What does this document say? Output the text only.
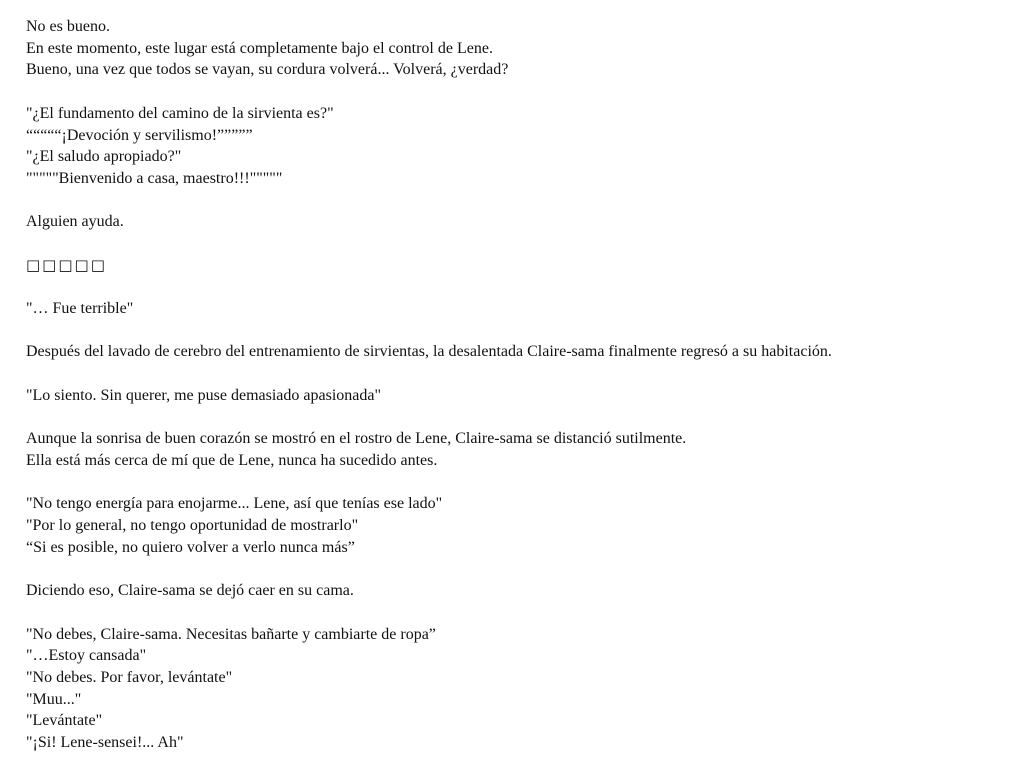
No es bueno.
En este momento, este lugar está completamente bajo el control de Lene.
Bueno, una vez que todos se vayan, su cordura volverá... Volverá, ¿verdad?
"¿El fundamento del camino de la sirvienta es?"
“““““¡Devoción y servilismo!”””””
"¿El saludo apropiado?"
"""""Bienvenido a casa, maestro!!!"""""
Alguien ayuda.
□□□□□
"… Fue terrible"
Después del lavado de cerebro del entrenamiento de sirvientas, la desalentada Claire-sama finalmente regresó a su habitación.
"Lo siento. Sin querer, me puse demasiado apasionada"
Aunque la sonrisa de buen corazón se mostró en el rostro de Lene, Claire-sama se distanció sutilmente.
Ella está más cerca de mí que de Lene, nunca ha sucedido antes.
"No tengo energía para enojarme... Lene, así que tenías ese lado"
"Por lo general, no tengo oportunidad de mostrarlo"
“Si es posible, no quiero volver a verlo nunca más”
Diciendo eso, Claire-sama se dejó caer en su cama.
"No debes, Claire-sama. Necesitas bañarte y cambiarte de ropa”
"…Estoy cansada"
"No debes. Por favor, levántate"
"Muu..."
"Levántate"
"¡Si! Lene-sensei!... Ah"
